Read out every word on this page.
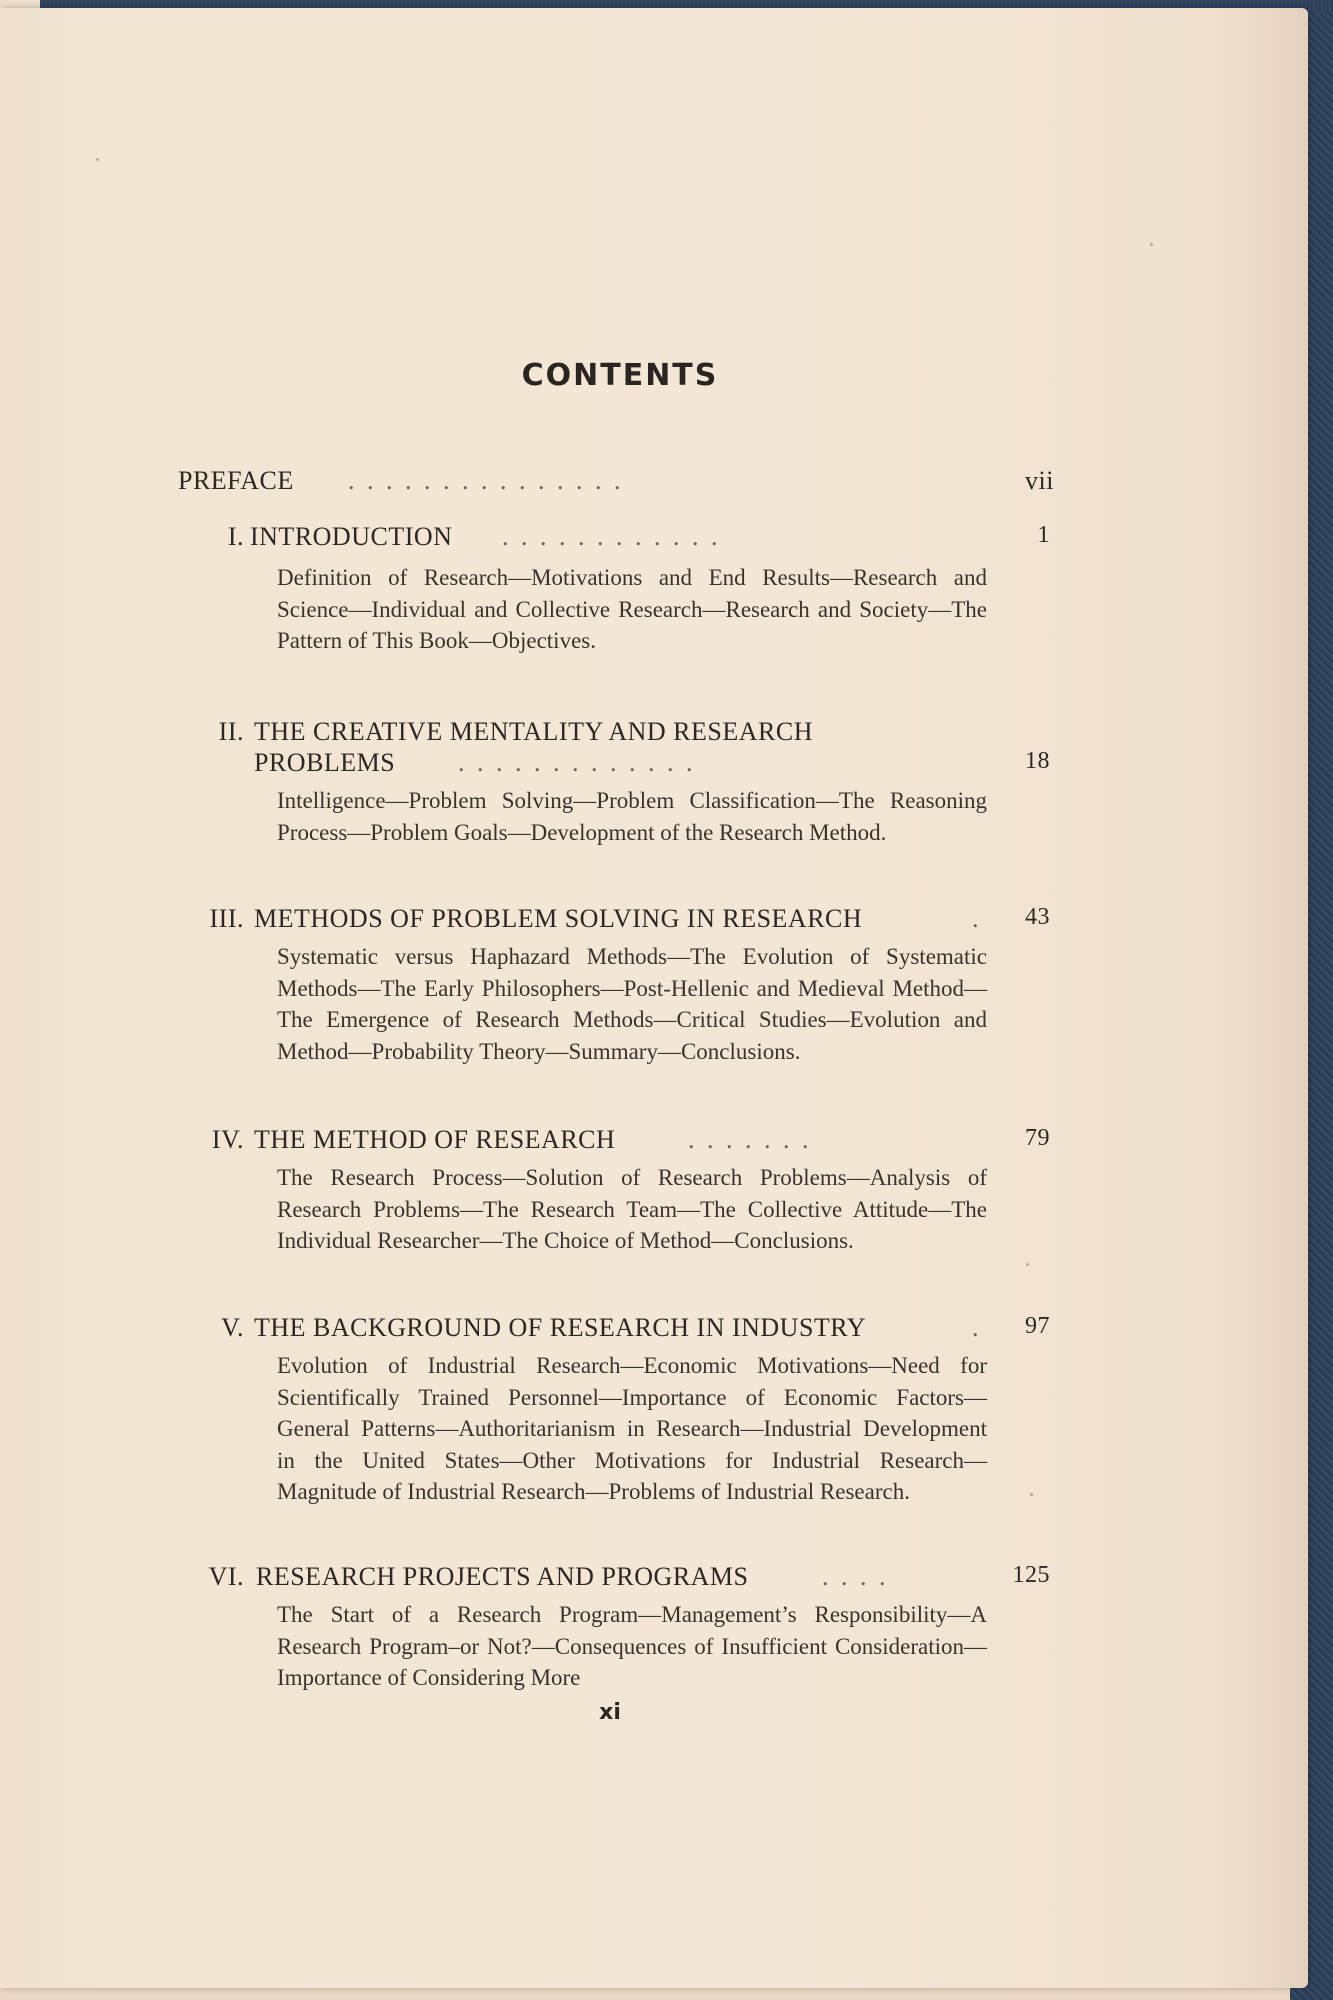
CONTENTS
PREFACE ...............	vii
I. INTRODUCTION ............	1
Definition of Research—Motivations and End Results—Research and Science—Individual and Collective Research—Research and Society—The Pattern of This Book—Objectives.
II. THE CREATIVE MENTALITY AND RESEARCH
PROBLEMS .............	18
Intelligence—Problem Solving—Problem Classification—The Reasoning Process—Problem Goals—Development of the Research Method.
III. METHODS OF PROBLEM SOLVING IN RESEARCH	.	43
Systematic versus Haphazard Methods—The Evolution of Systematic Methods—The Early Philosophers—Post-Hellenic and Medieval Method—The Emergence of Research Methods—Critical Studies—Evolution and Method—Probability Theory—Summary—Conclusions.
IV. THE METHOD OF RESEARCH	.......	79
The Research Process—Solution of Research Problems—Analysis of Research Problems—The Research Team—The Collective Attitude—The Individual Researcher—The Choice of Method—Conclusions.
V. THE BACKGROUND OF RESEARCH IN INDUSTRY	.	97
Evolution of Industrial Research—Economic Motivations—Need for Scientifically Trained Personnel—Importance of Economic Factors—General Patterns—Authoritarianism in Research—Industrial Development in the United States—Other Motivations for Industrial Research—Magnitude of Industrial Research—Problems of Industrial Research.
VI. RESEARCH PROJECTS AND PROGRAMS	....	125
The Start of a Research Program—Management’s Responsibility—A Research Program–or Not?—Consequences of Insufficient Consideration—Importance of Considering More
xi
